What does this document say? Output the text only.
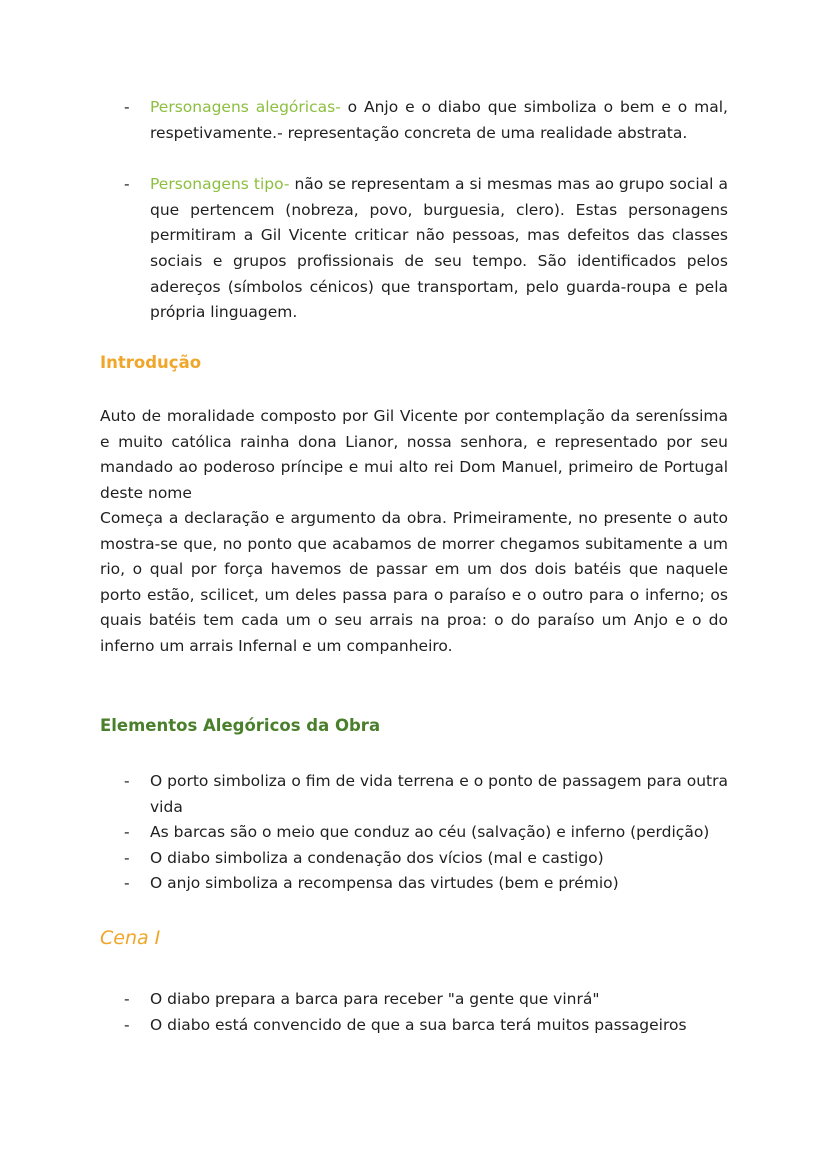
- Personagens alegóricas- o Anjo e o diabo que simboliza o bem e o mal, respetivamente.- representação concreta de uma realidade abstrata.
- Personagens tipo- não se representam a si mesmas mas ao grupo social a que pertencem (nobreza, povo, burguesia, clero). Estas personagens permitiram a Gil Vicente criticar não pessoas, mas defeitos das classes sociais e grupos profissionais de seu tempo. São identificados pelos adereços (símbolos cénicos) que transportam, pelo guarda-roupa e pela própria linguagem.
Introdução

Auto de moralidade composto por Gil Vicente por contemplação da sereníssima e muito católica rainha dona Lianor, nossa senhora, e representado por seu mandado ao poderoso príncipe e mui alto rei Dom Manuel, primeiro de Portugal deste nome

Começa a declaração e argumento da obra. Primeiramente, no presente o auto mostra-se que, no ponto que acabamos de morrer chegamos subitamente a um rio, o qual por força havemos de passar em um dos dois batéis que naquele porto estão, scilicet, um deles passa para o paraíso e o outro para o inferno; os quais batéis tem cada um o seu arrais na proa: o do paraíso um Anjo e o do inferno um arrais Infernal e um companheiro.

Elementos Alegóricos da Obra
- O porto simboliza o fim de vida terrena e o ponto de passagem para outra vida
- As barcas são o meio que conduz ao céu (salvação) e inferno (perdição)
- O diabo simboliza a condenação dos vícios (mal e castigo)
- O anjo simboliza a recompensa das virtudes (bem e prémio)
Cena I
- O diabo prepara a barca para receber "a gente que vinrá"
- O diabo está convencido de que a sua barca terá muitos passageiros
